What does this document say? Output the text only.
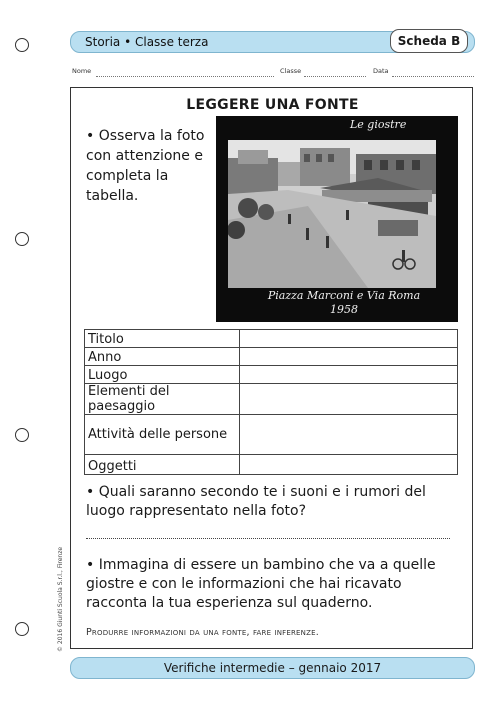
Storia • Classe terza	Scheda B
Nome	Classe	Data
LEGGERE UNA FONTE
• Osserva la foto con attenzione e completa la tabella.
Le giostre
Piazza Marconi e Via Roma
1958
Titolo	
Anno	
Luogo	
Elementi del paesaggio	
Attività delle persone	
Oggetti	
• Quali saranno secondo te i suoni e i rumori del luogo rappresentato nella foto?
• Immagina di essere un bambino che va a quelle giostre e con le informazioni che hai ricavato racconta la tua esperienza sul quaderno.
Produrre informazioni da una fonte, fare inferenze.
© 2016 Giunti Scuola S.r.l., Firenze
Verifiche intermedie – gennaio 2017
